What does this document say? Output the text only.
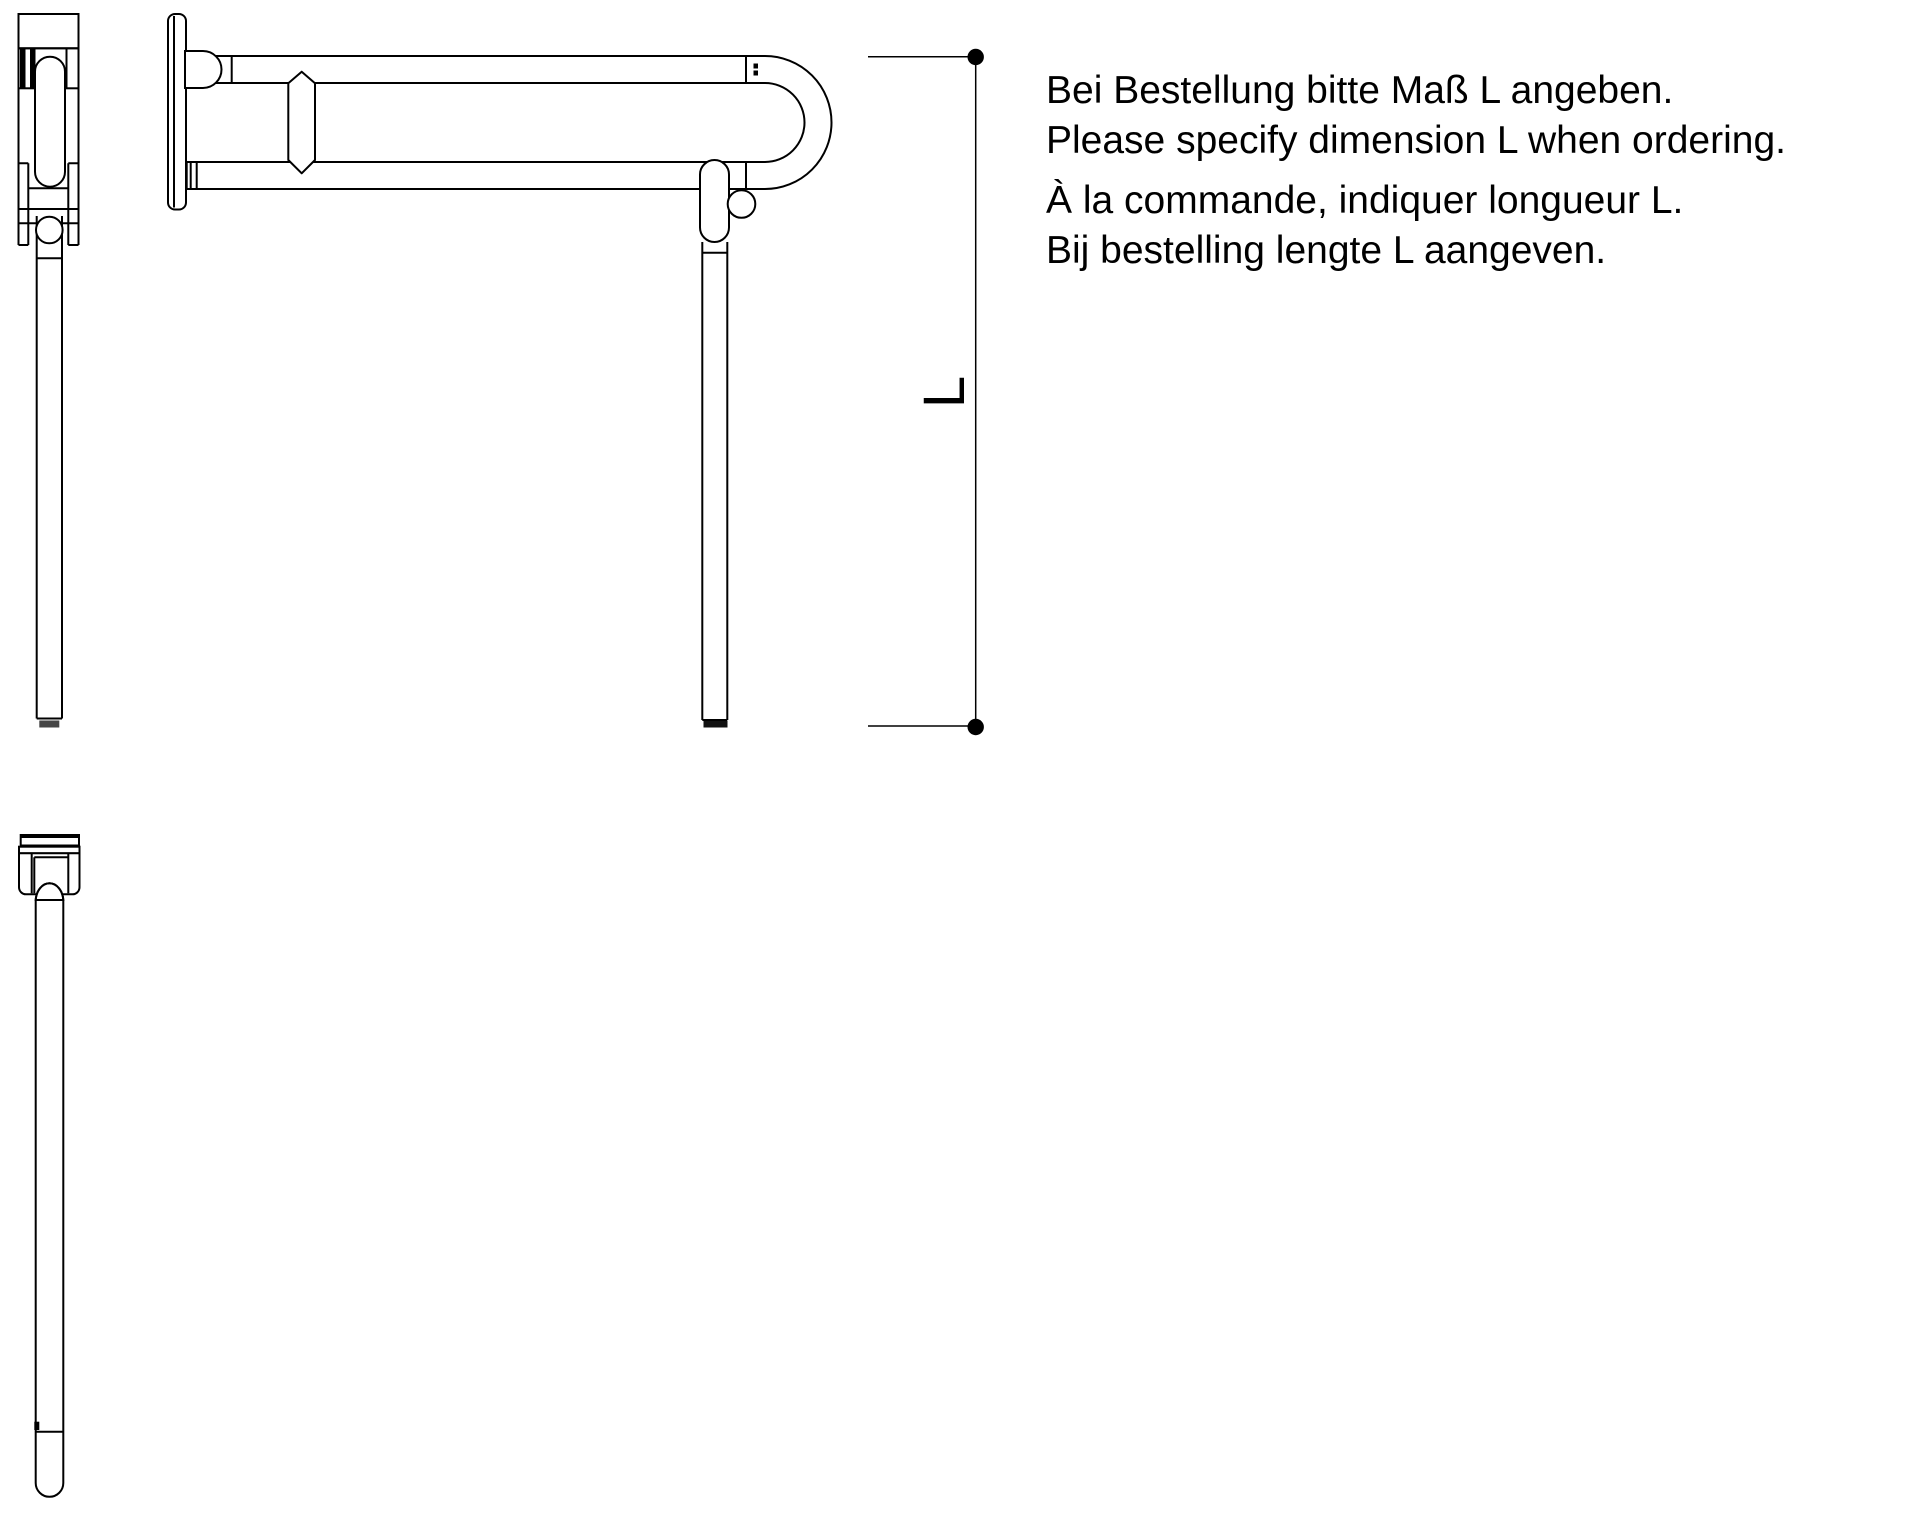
Bei Bestellung bitte Maß L angeben.
Please specify dimension L when ordering.
À la commande, indiquer longueur L.
Bij bestelling lengte L aangeven.
L
